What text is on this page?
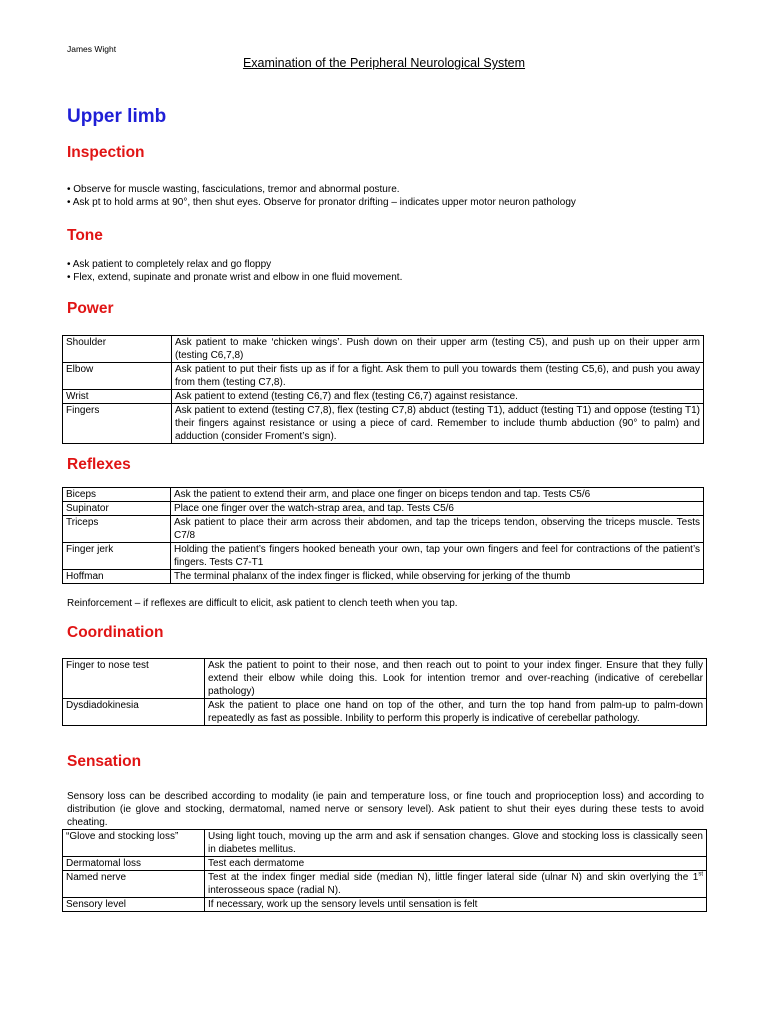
James Wight
Examination of the Peripheral Neurological System
Upper limb
Inspection
• Observe for muscle wasting, fasciculations, tremor and abnormal posture.
• Ask pt to hold arms at 90°, then shut eyes. Observe for pronator drifting – indicates upper motor neuron pathology
Tone
• Ask patient to completely relax and go floppy
• Flex, extend, supinate and pronate wrist and elbow in one fluid movement.
Power
Shoulder	Ask patient to make ‘chicken wings’. Push down on their upper arm (testing C5), and push up on their upper arm (testing C6,7,8)
Elbow	Ask patient to put their fists up as if for a fight. Ask them to pull you towards them (testing C5,6), and push you away from them (testing C7,8).
Wrist	Ask patient to extend (testing C6,7) and flex (testing C6,7) against resistance.
Fingers	Ask patient to extend (testing C7,8), flex (testing C7,8) abduct (testing T1), adduct (testing T1) and oppose (testing T1) their fingers against resistance or using a piece of card. Remember to include thumb abduction (90° to palm) and adduction (consider Froment’s sign).
Reflexes
Biceps	Ask the patient to extend their arm, and place one finger on biceps tendon and tap. Tests C5/6
Supinator	Place one finger over the watch-strap area, and tap. Tests C5/6
Triceps	Ask patient to place their arm across their abdomen, and tap the triceps tendon, observing the triceps muscle. Tests C7/8
Finger jerk	Holding the patient’s fingers hooked beneath your own, tap your own fingers and feel for contractions of the patient’s fingers. Tests C7-T1
Hoffman	The terminal phalanx of the index finger is flicked, while observing for jerking of the thumb
Reinforcement – if reflexes are difficult to elicit, ask patient to clench teeth when you tap.
Coordination
Finger to nose test	Ask the patient to point to their nose, and then reach out to point to your index finger. Ensure that they fully extend their elbow while doing this. Look for intention tremor and over-reaching (indicative of cerebellar pathology)
Dysdiadokinesia	Ask the patient to place one hand on top of the other, and turn the top hand from palm-up to palm-down repeatedly as fast as possible. Inbility to perform this properly is indicative of cerebellar pathology.
Sensation
Sensory loss can be described according to modality (ie pain and temperature loss, or fine touch and proprioception loss) and according to distribution (ie glove and stocking, dermatomal, named nerve or sensory level). Ask patient to shut their eyes during these tests to avoid cheating.
“Glove and stocking loss”	Using light touch, moving up the arm and ask if sensation changes. Glove and stocking loss is classically seen in diabetes mellitus.
Dermatomal loss	Test each dermatome
Named nerve	Test at the index finger medial side (median N), little finger lateral side (ulnar N) and skin overlying the 1st interosseous space (radial N).
Sensory level	If necessary, work up the sensory levels until sensation is felt
